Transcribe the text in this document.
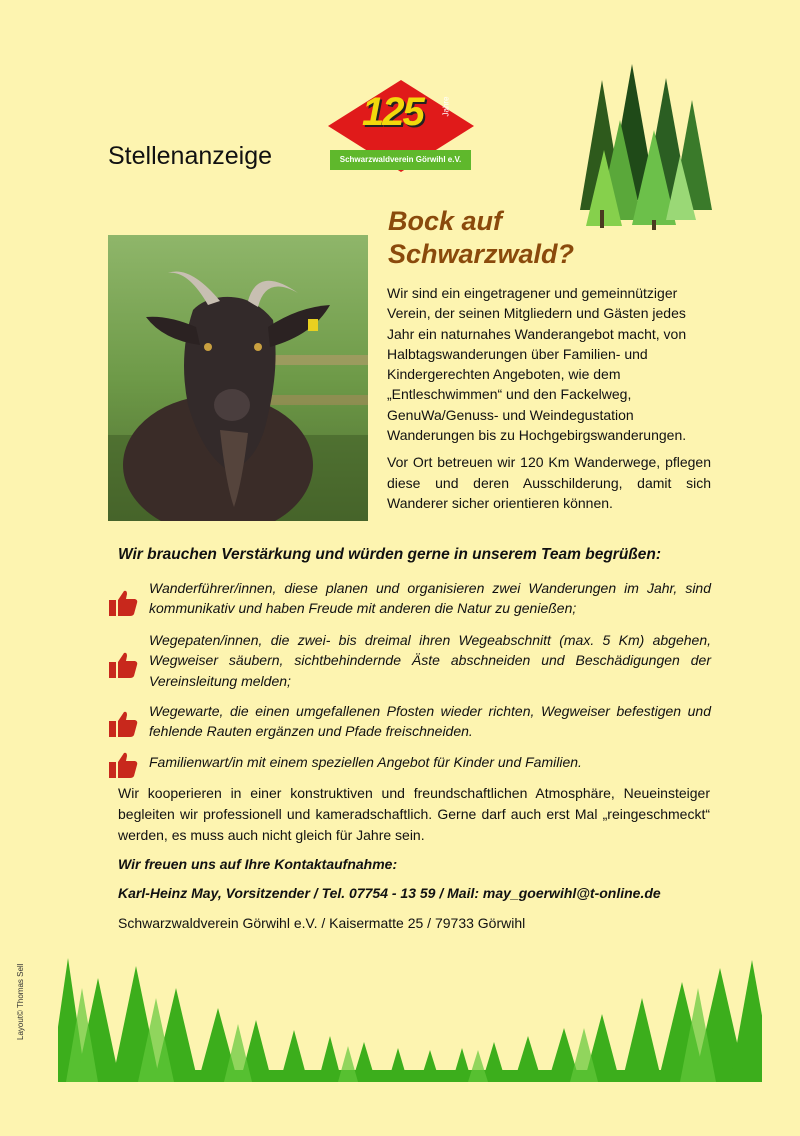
Stellenanzeige
125 Jahre
Schwarzwaldverein Görwihl e.V.
Bock auf
Schwarzwald?

Wir sind ein eingetragener und gemeinnütziger Verein, der seinen Mitgliedern und Gästen jedes Jahr ein naturnahes Wanderangebot macht, von Halbtagswanderungen über Familien- und Kindergerechten Angeboten, wie dem „Entleschwimmen“ und den Fackelweg, GenuWa/Genuss- und Weindegustation Wanderungen bis zu Hochgebirgswanderungen.

Vor Ort betreuen wir 120 Km Wanderwege, pflegen diese und deren Ausschilderung, damit sich Wanderer sicher orientieren können.

Wir brauchen Verstärkung und würden gerne in unserem Team begrüßen:
Wanderführer/innen, diese planen und organisieren zwei Wanderungen im Jahr, sind kommunikativ und haben Freude mit anderen die Natur zu genießen;
Wegepaten/innen, die zwei- bis dreimal ihren Wegeabschnitt (max. 5 Km) abgehen, Wegweiser säubern, sichtbehindernde Äste abschneiden und Beschädigungen der Vereinsleitung melden;
Wegewarte, die einen umgefallenen Pfosten wieder richten, Wegweiser befestigen und fehlende Rauten ergänzen und Pfade freischneiden.
Familienwart/in mit einem speziellen Angebot für Kinder und Familien.
Wir kooperieren in einer konstruktiven und freundschaftlichen Atmosphäre, Neueinsteiger begleiten wir professionell und kameradschaftlich. Gerne darf auch erst Mal „reingeschmeckt“ werden, es muss auch nicht gleich für Jahre sein.
Wir freuen uns auf Ihre Kontaktaufnahme:
Karl-Heinz May, Vorsitzender / Tel. 07754 - 13 59 / Mail: may_goerwihl@t-online.de
Schwarzwaldverein Görwihl e.V. / Kaisermatte 25 / 79733 Görwihl
Layout© Thomas Sell
